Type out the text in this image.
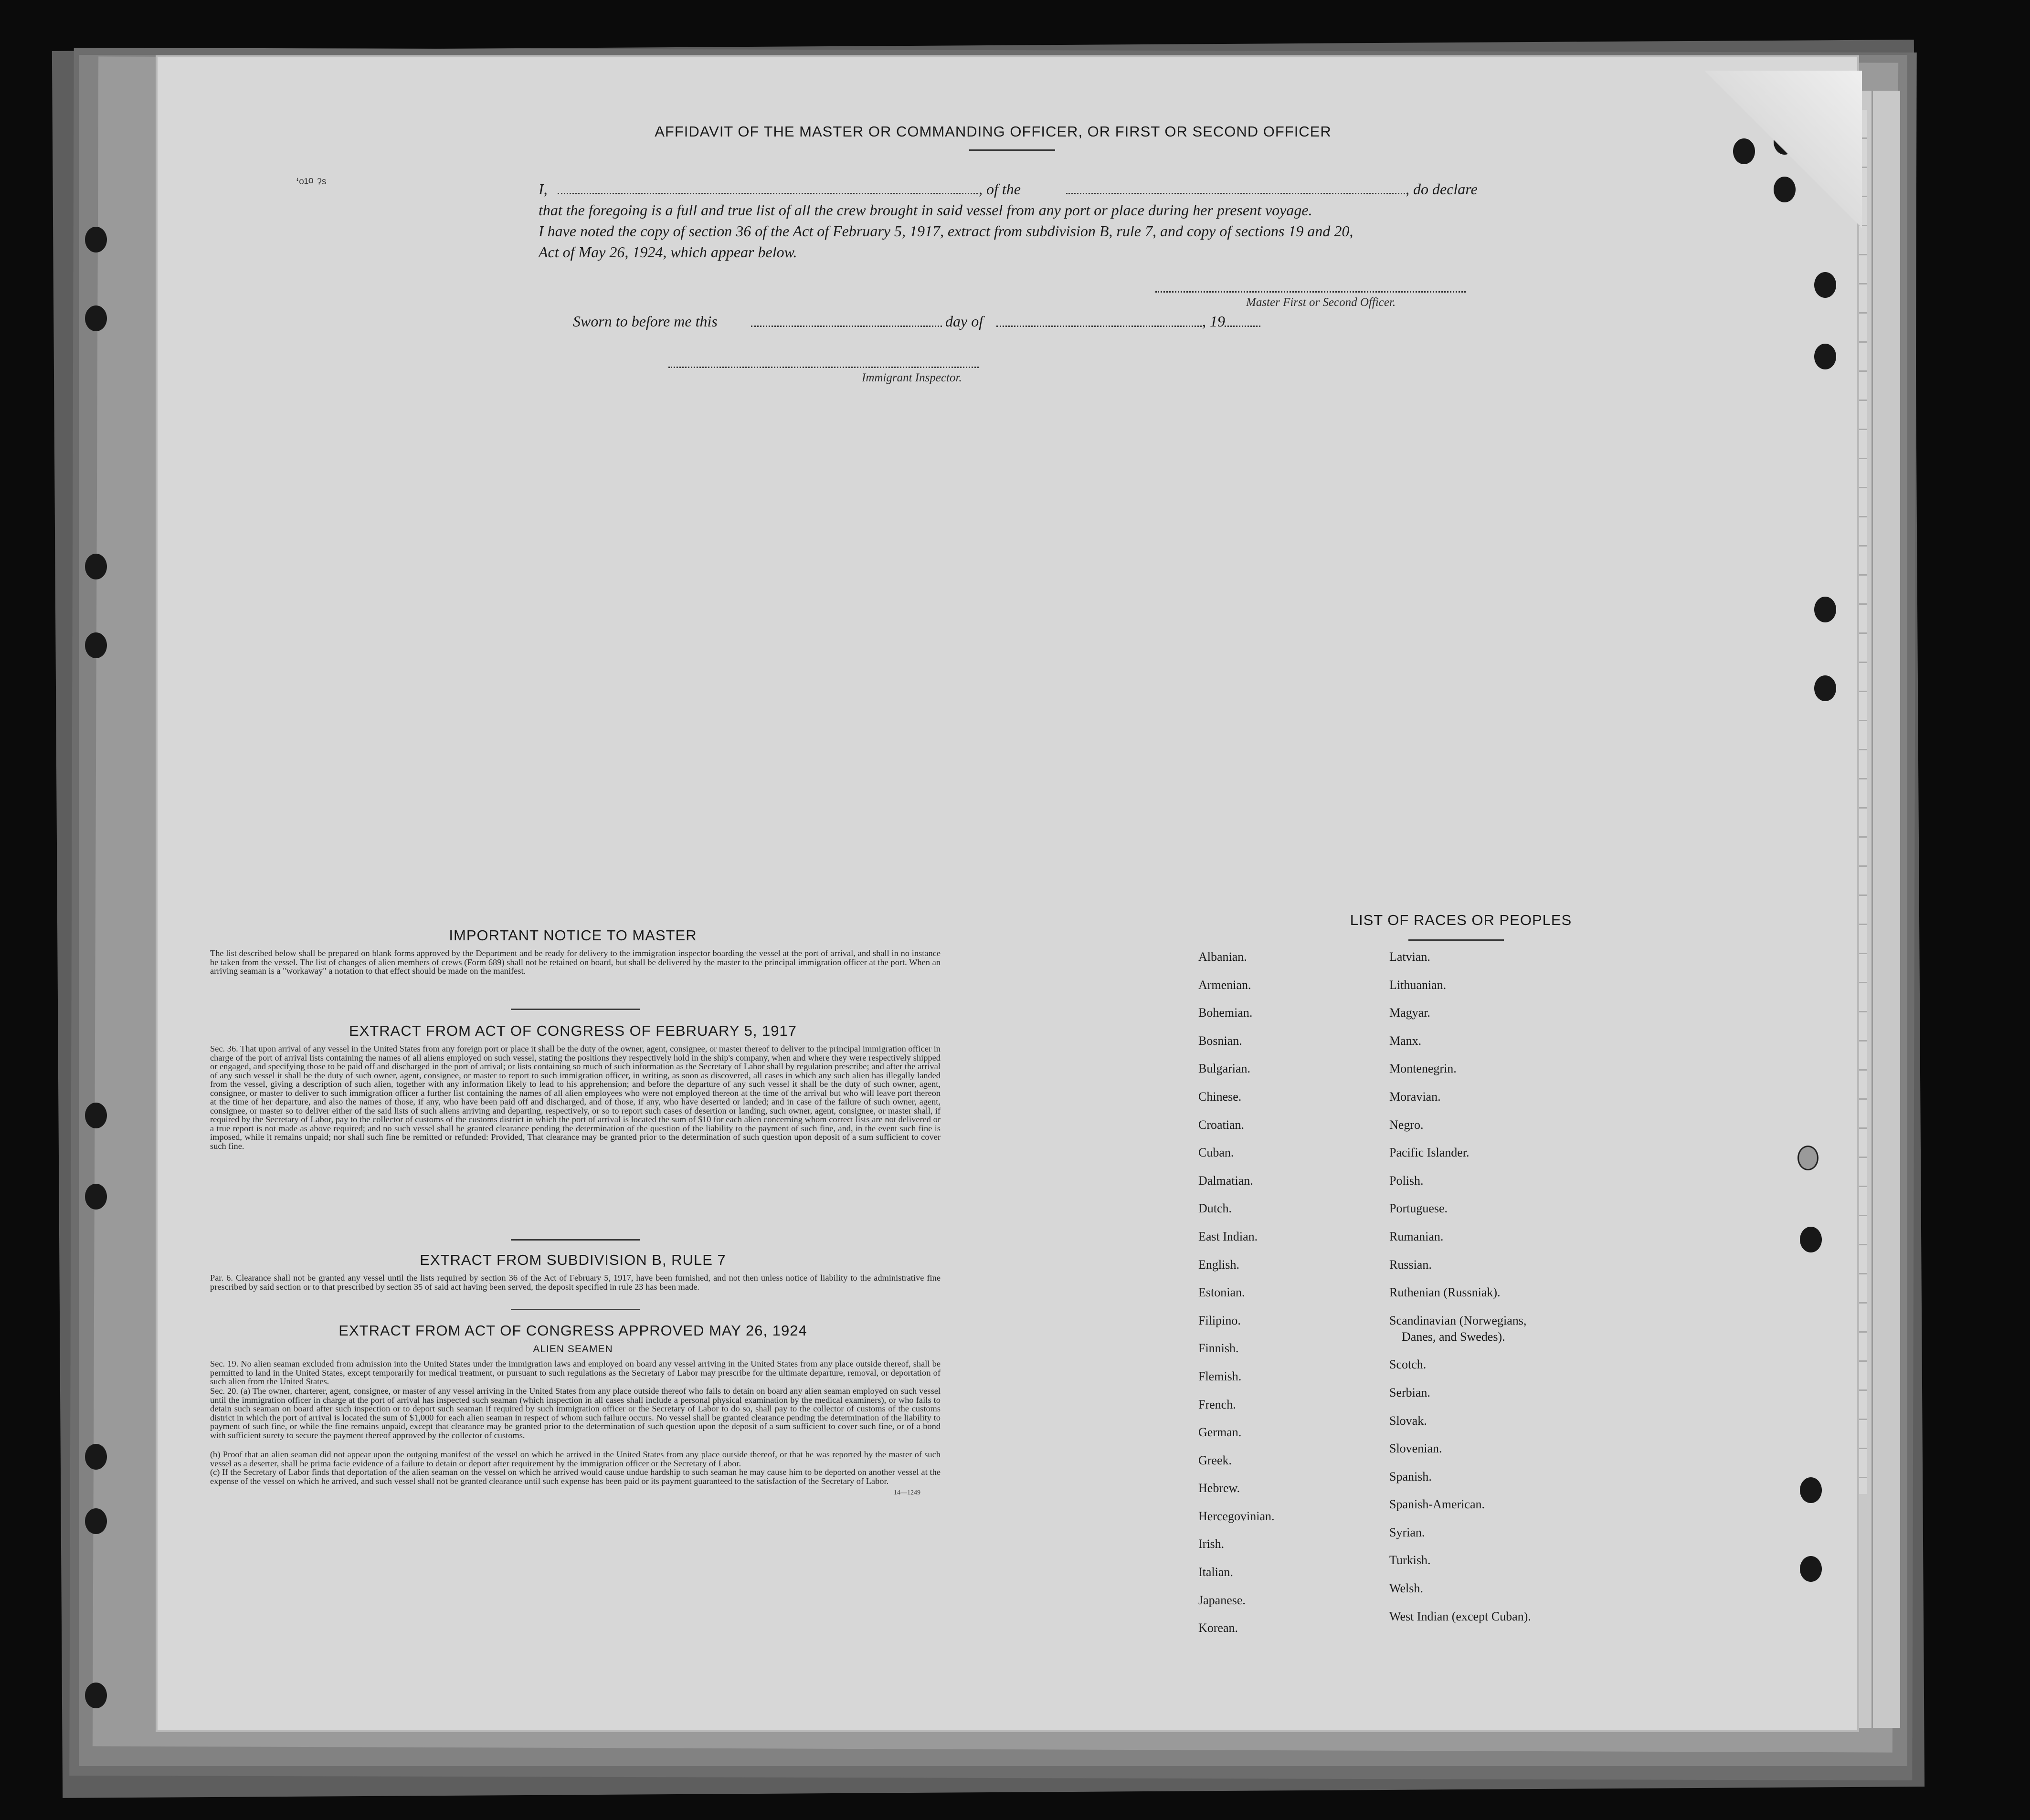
AFFIDAVIT OF THE MASTER OR COMMANDING OFFICER, OR FIRST OR SECOND OFFICER
ʻᵒ¹º ˀˢ	I,	, of the	, do declare
that the foregoing is a full and true list of all the crew brought in said vessel from any port or place during her present voyage.
I have noted the copy of section 36 of the Act of February 5, 1917, extract from subdivision B, rule 7, and copy of sections 19 and 20,
Act of May 26, 1924, which appear below.
Master First or Second Officer.
Sworn to before me this	day of	, 19
Immigrant Inspector.
IMPORTANT NOTICE TO MASTER
The list described below shall be prepared on blank forms approved by the Department and be ready for delivery to the immigration inspector boarding the vessel at the port of arrival, and shall in no instance be taken from the vessel. The list of changes of alien members of crews (Form 689) shall not be retained on board, but shall be delivered by the master to the principal immigration officer at the port. When an arriving seaman is a "workaway" a notation to that effect should be made on the manifest.
EXTRACT FROM ACT OF CONGRESS OF FEBRUARY 5, 1917
Sec. 36. That upon arrival of any vessel in the United States from any foreign port or place it shall be the duty of the owner, agent, consignee, or master thereof to deliver to the principal immigration officer in charge of the port of arrival lists containing the names of all aliens employed on such vessel, stating the positions they respectively hold in the ship's company, when and where they were respectively shipped or engaged, and specifying those to be paid off and discharged in the port of arrival; or lists containing so much of such information as the Secretary of Labor shall by regulation prescribe; and after the arrival of any such vessel it shall be the duty of such owner, agent, consignee, or master to report to such immigration officer, in writing, as soon as discovered, all cases in which any such alien has illegally landed from the vessel, giving a description of such alien, together with any information likely to lead to his apprehension; and before the departure of any such vessel it shall be the duty of such owner, agent, consignee, or master to deliver to such immigration officer a further list containing the names of all alien employees who were not employed thereon at the time of the arrival but who will leave port thereon at the time of her departure, and also the names of those, if any, who have been paid off and discharged, and of those, if any, who have deserted or landed; and in case of the failure of such owner, agent, consignee, or master so to deliver either of the said lists of such aliens arriving and departing, respectively, or so to report such cases of desertion or landing, such owner, agent, consignee, or master shall, if required by the Secretary of Labor, pay to the collector of customs of the customs district in which the port of arrival is located the sum of $10 for each alien concerning whom correct lists are not delivered or a true report is not made as above required; and no such vessel shall be granted clearance pending the determination of the question of the liability to the payment of such fine, and, in the event such fine is imposed, while it remains unpaid; nor shall such fine be remitted or refunded: Provided, That clearance may be granted prior to the determination of such question upon deposit of a sum sufficient to cover such fine.
EXTRACT FROM SUBDIVISION B, RULE 7
Par. 6. Clearance shall not be granted any vessel until the lists required by section 36 of the Act of February 5, 1917, have been furnished, and not then unless notice of liability to the administrative fine prescribed by said section or to that prescribed by section 35 of said act having been served, the deposit specified in rule 23 has been made.
EXTRACT FROM ACT OF CONGRESS APPROVED MAY 26, 1924
ALIEN SEAMEN
Sec. 19. No alien seaman excluded from admission into the United States under the immigration laws and employed on board any vessel arriving in the United States from any place outside thereof, shall be permitted to land in the United States, except temporarily for medical treatment, or pursuant to such regulations as the Secretary of Labor may prescribe for the ultimate departure, removal, or deportation of such alien from the United States.
Sec. 20. (a) The owner, charterer, agent, consignee, or master of any vessel arriving in the United States from any place outside thereof who fails to detain on board any alien seaman employed on such vessel until the immigration officer in charge at the port of arrival has inspected such seaman (which inspection in all cases shall include a personal physical examination by the medical examiners), or who fails to detain such seaman on board after such inspection or to deport such seaman if required by such immigration officer or the Secretary of Labor to do so, shall pay to the collector of customs of the customs district in which the port of arrival is located the sum of $1,000 for each alien seaman in respect of whom such failure occurs. No vessel shall be granted clearance pending the determination of the liability to payment of such fine, or while the fine remains unpaid, except that clearance may be granted prior to the determination of such question upon the deposit of a sum sufficient to cover such fine, or of a bond with sufficient surety to secure the payment thereof approved by the collector of customs.
(b) Proof that an alien seaman did not appear upon the outgoing manifest of the vessel on which he arrived in the United States from any place outside thereof, or that he was reported by the master of such vessel as a deserter, shall be prima facie evidence of a failure to detain or deport after requirement by the immigration officer or the Secretary of Labor.
(c) If the Secretary of Labor finds that deportation of the alien seaman on the vessel on which he arrived would cause undue hardship to such seaman he may cause him to be deported on another vessel at the expense of the vessel on which he arrived, and such vessel shall not be granted clearance until such expense has been paid or its payment guaranteed to the satisfaction of the Secretary of Labor.
14—1249
LIST OF RACES OR PEOPLES
Albanian.
Armenian.
Bohemian.
Bosnian.
Bulgarian.
Chinese.
Croatian.
Cuban.
Dalmatian.
Dutch.
East Indian.
English.
Estonian.
Filipino.
Finnish.
Flemish.
French.
German.
Greek.
Hebrew.
Hercegovinian.
Irish.
Italian.
Japanese.
Korean.
Latvian.
Lithuanian.
Magyar.
Manx.
Montenegrin.
Moravian.
Negro.
Pacific Islander.
Polish.
Portuguese.
Rumanian.
Russian.
Ruthenian (Russniak).
Scandinavian (Norwegians,
Danes, and Swedes).
Scotch.
Serbian.
Slovak.
Slovenian.
Spanish.
Spanish-American.
Syrian.
Turkish.
Welsh.
West Indian (except Cuban).
